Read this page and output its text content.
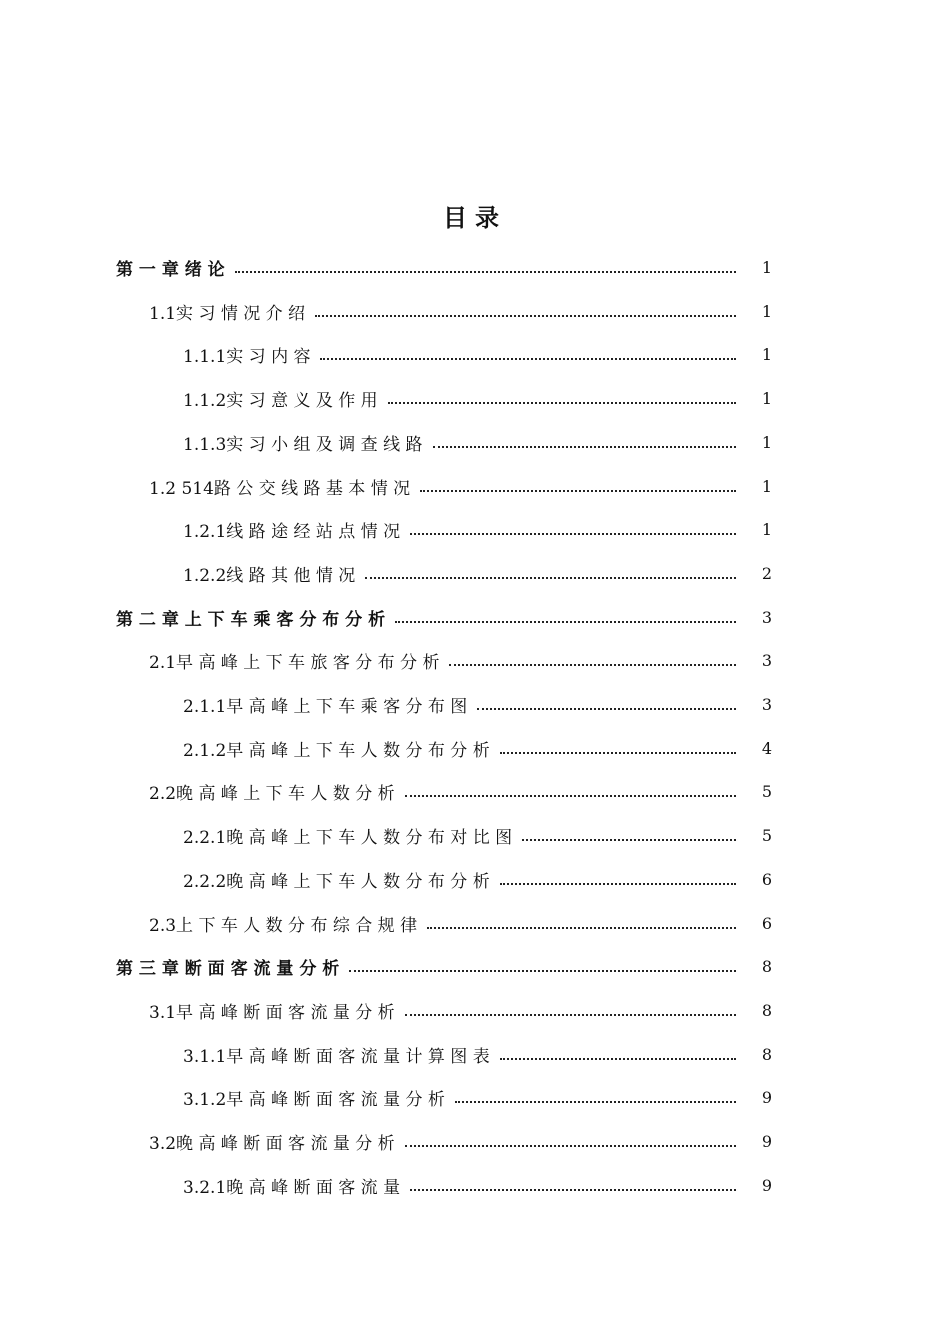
目录
第 一 章 绪 论	1
1.1实 习 情 况 介 绍	1
1.1.1实 习 内 容	1
1.1.2实 习 意 义 及 作 用	1
1.1.3实 习 小 组 及 调 查 线 路	1
1.2 514路 公 交 线 路 基 本 情 况	1
1.2.1线 路 途 经 站 点 情 况	1
1.2.2线 路 其 他 情 况	2
第 二 章 上 下 车 乘 客 分 布 分 析	3
2.1早 高 峰 上 下 车 旅 客 分 布 分 析	3
2.1.1早 高 峰 上 下 车 乘 客 分 布 图	3
2.1.2早 高 峰 上 下 车 人 数 分 布 分 析	4
2.2晚 高 峰 上 下 车 人 数 分 析	5
2.2.1晚 高 峰 上 下 车 人 数 分 布 对 比 图	5
2.2.2晚 高 峰 上 下 车 人 数 分 布 分 析	6
2.3上 下 车 人 数 分 布 综 合 规 律	6
第 三 章 断 面 客 流 量 分 析	8
3.1早 高 峰 断 面 客 流 量 分 析	8
3.1.1早 高 峰 断 面 客 流 量 计 算 图 表	8
3.1.2早 高 峰 断 面 客 流 量 分 析	9
3.2晚 高 峰 断 面 客 流 量 分 析	9
3.2.1晚 高 峰 断 面 客 流 量	9
